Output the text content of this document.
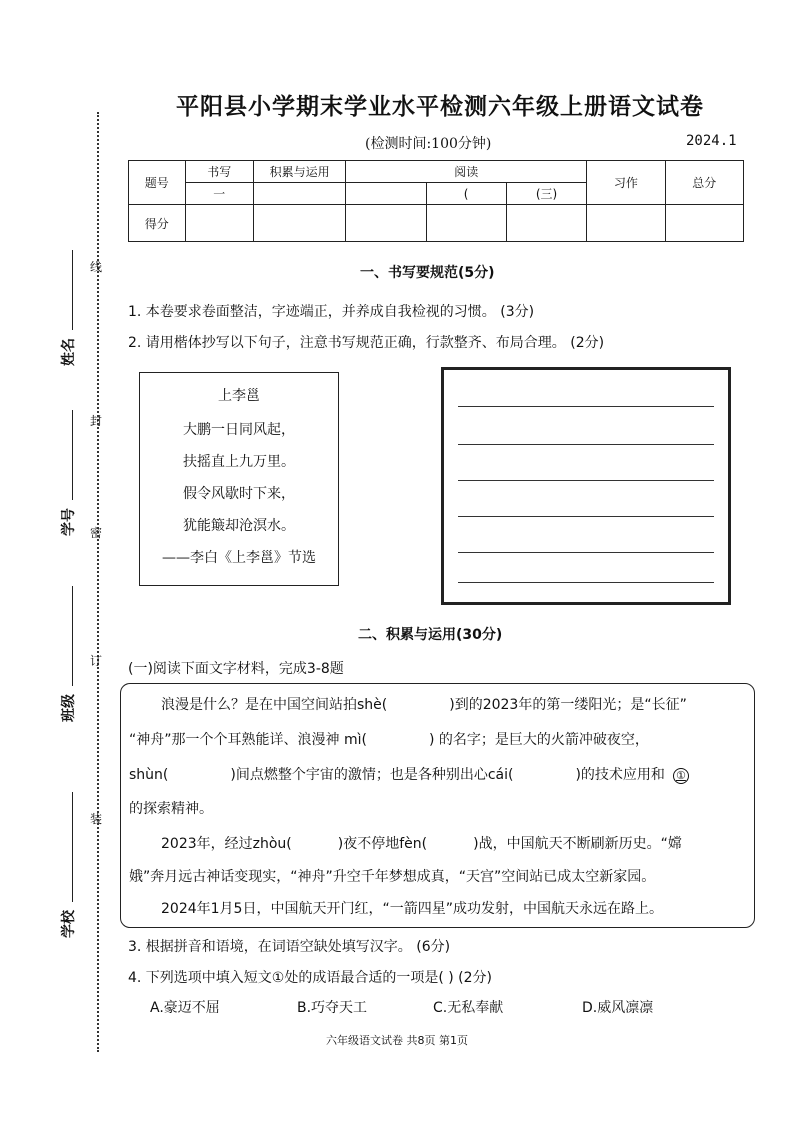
线
封
密
订
装
姓名
学号
班级
学校
平阳县小学期末学业水平检测六年级上册语文试卷
(检测时间:100分钟)	2024.1
题号	书写	积累与运用	阅读			习作	总分
	一			(	(三)		
得分							
一、书写要规范(5分)
1. 本卷要求卷面整洁，字迹端正，并养成自我检视的习惯。 (3分)
2. 请用楷体抄写以下句子，注意书写规范正确，行款整齐、布局合理。 (2分)
上李邕
大鹏一日同风起，
扶摇直上九万里。
假令风歇时下来，
犹能簸却沧溟水。
——李白《上李邕》节选
二、积累与运用(30分)
(一)阅读下面文字材料，完成3-8题
浪漫是什么？是在中国空间站拍shè(	)到的2023年的第一缕阳光；是“长征”
“神舟”那一个个耳熟能详、浪漫神 mì(	) 的名字；是巨大的火箭冲破夜空，
shùn(	)间点燃整个宇宙的激情；也是各种别出心cái(	)的技术应用和 ①
的探索精神。
2023年，经过zhòu(	)夜不停地fèn(	)战，中国航天不断刷新历史。“嫦
娥”奔月远古神话变现实，“神舟”升空千年梦想成真，“天宫”空间站已成太空新家园。
2024年1月5日，中国航天开门红，“一箭四星”成功发射，中国航天永远在路上。
3. 根据拼音和语境，在词语空缺处填写汉字。 (6分)
4. 下列选项中填入短文①处的成语最合适的一项是( ) (2分)
A.豪迈不屈	B.巧夺天工	C.无私奉献	D.威风凛凛
六年级语文试卷 共8页 第1页
